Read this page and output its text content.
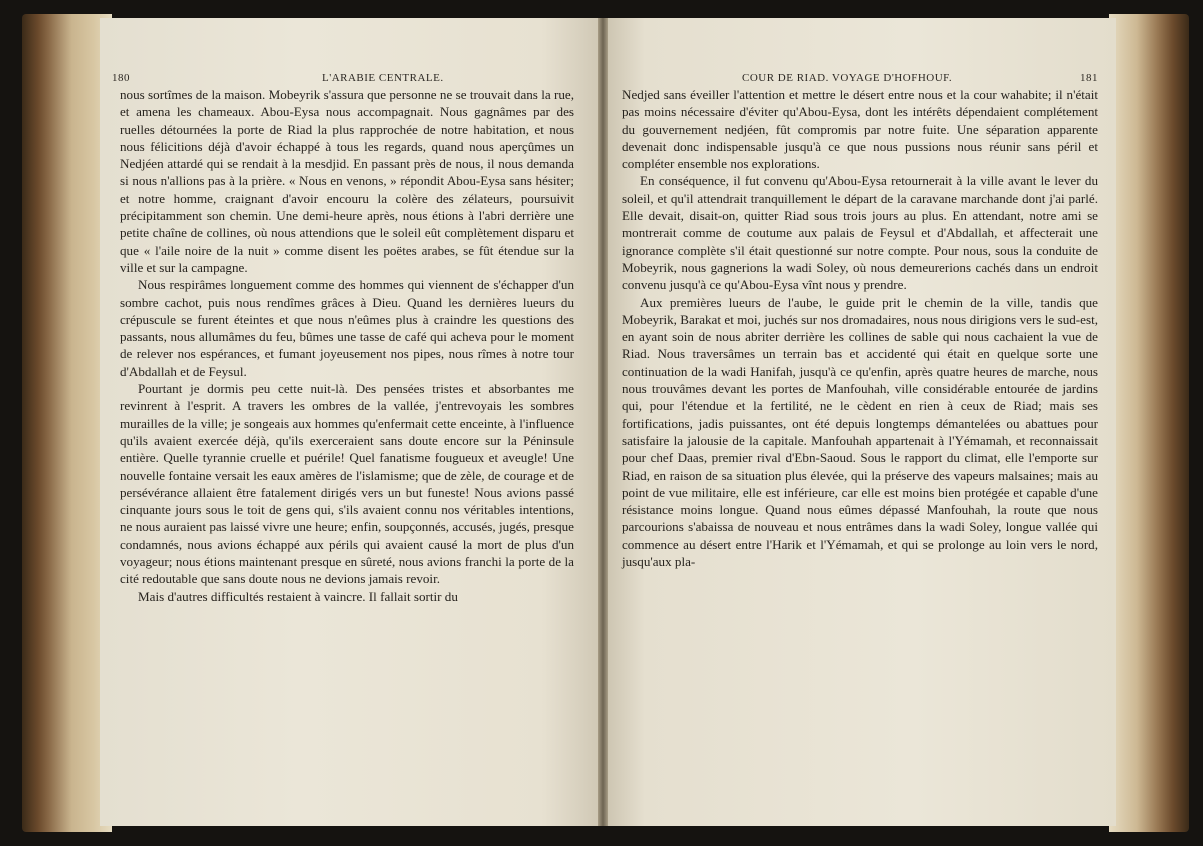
180	L'ARABIE CENTRALE.	COUR DE RIAD. VOYAGE D'HOFHOUF.	181

nous sortîmes de la maison. Mobeyrik s'assura que personne ne se trouvait dans la rue, et amena les chameaux. Abou-Eysa nous accompagnait. Nous gagnâmes par des ruelles détournées la porte de Riad la plus rapprochée de notre habitation, et nous nous félicitions déjà d'avoir échappé à tous les regards, quand nous aperçûmes un Nedjéen attardé qui se rendait à la mesdjid. En passant près de nous, il nous demanda si nous n'allions pas à la prière. « Nous en venons, » répondit Abou-Eysa sans hésiter; et notre homme, craignant d'avoir encouru la colère des zélateurs, poursuivit précipitamment son chemin. Une demi-heure après, nous étions à l'abri derrière une petite chaîne de collines, où nous attendions que le soleil eût complètement disparu et que « l'aile noire de la nuit » comme disent les poëtes arabes, se fût étendue sur la ville et sur la campagne.

Nous respirâmes longuement comme des hommes qui viennent de s'échapper d'un sombre cachot, puis nous rendîmes grâces à Dieu. Quand les dernières lueurs du crépuscule se furent éteintes et que nous n'eûmes plus à craindre les questions des passants, nous allumâmes du feu, bûmes une tasse de café qui acheva pour le moment de relever nos espérances, et fumant joyeusement nos pipes, nous rîmes à notre tour d'Abdallah et de Feysul.

Pourtant je dormis peu cette nuit-là. Des pensées tristes et absorbantes me revinrent à l'esprit. A travers les ombres de la vallée, j'entrevoyais les sombres murailles de la ville; je songeais aux hommes qu'enfermait cette enceinte, à l'influence qu'ils avaient exercée déjà, qu'ils exerceraient sans doute encore sur la Péninsule entière. Quelle tyrannie cruelle et puérile! Quel fanatisme fougueux et aveugle! Une nouvelle fontaine versait les eaux amères de l'islamisme; que de zèle, de courage et de persévérance allaient être fatalement dirigés vers un but funeste! Nous avions passé cinquante jours sous le toit de gens qui, s'ils avaient connu nos véritables intentions, ne nous auraient pas laissé vivre une heure; enfin, soupçonnés, accusés, jugés, presque condamnés, nous avions échappé aux périls qui avaient causé la mort de plus d'un voyageur; nous étions maintenant presque en sûreté, nous avions franchi la porte de la cité redoutable que sans doute nous ne devions jamais revoir.

Mais d'autres difficultés restaient à vaincre. Il fallait sortir du

Nedjed sans éveiller l'attention et mettre le désert entre nous et la cour wahabite; il n'était pas moins nécessaire d'éviter qu'Abou-Eysa, dont les intérêts dépendaient complétement du gouvernement nedjéen, fût compromis par notre fuite. Une séparation apparente devenait donc indispensable jusqu'à ce que nous pussions nous réunir sans péril et compléter ensemble nos explorations.

En conséquence, il fut convenu qu'Abou-Eysa retournerait à la ville avant le lever du soleil, et qu'il attendrait tranquillement le départ de la caravane marchande dont j'ai parlé. Elle devait, disait-on, quitter Riad sous trois jours au plus. En attendant, notre ami se montrerait comme de coutume aux palais de Feysul et d'Abdallah, et affecterait une ignorance complète s'il était questionné sur notre compte. Pour nous, sous la conduite de Mobeyrik, nous gagnerions la wadi Soley, où nous demeurerions cachés dans un endroit convenu jusqu'à ce qu'Abou-Eysa vînt nous y prendre.

Aux premières lueurs de l'aube, le guide prit le chemin de la ville, tandis que Mobeyrik, Barakat et moi, juchés sur nos dromadaires, nous nous dirigions vers le sud-est, en ayant soin de nous abriter derrière les collines de sable qui nous cachaient la vue de Riad. Nous traversâmes un terrain bas et accidenté qui était en quelque sorte une continuation de la wadi Hanifah, jusqu'à ce qu'enfin, après quatre heures de marche, nous nous trouvâmes devant les portes de Manfouhah, ville considérable entourée de jardins qui, pour l'étendue et la fertilité, ne le cèdent en rien à ceux de Riad; mais ses fortifications, jadis puissantes, ont été depuis longtemps démantelées ou abattues pour satisfaire la jalousie de la capitale. Manfouhah appartenait à l'Yémamah, et reconnaissait pour chef Daas, premier rival d'Ebn-Saoud. Sous le rapport du climat, elle l'emporte sur Riad, en raison de sa situation plus élevée, qui la préserve des vapeurs malsaines; mais au point de vue militaire, elle est inférieure, car elle est moins bien protégée et capable d'une résistance moins longue. Quand nous eûmes dépassé Manfouhah, la route que nous parcourions s'abaissa de nouveau et nous entrâmes dans la wadi Soley, longue vallée qui commence au désert entre l'Harik et l'Yémamah, et qui se prolonge au loin vers le nord, jusqu'aux pla-
